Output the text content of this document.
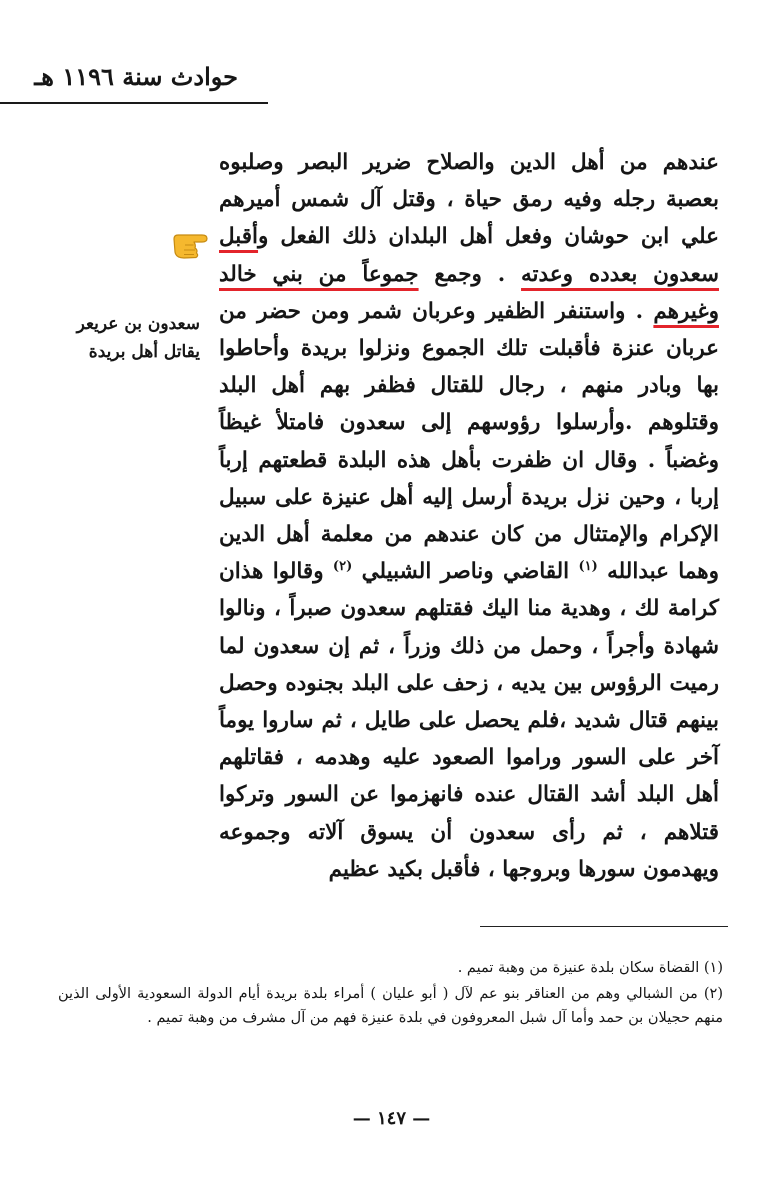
حوادث سنة ١١٩٦ هـ

عندهم من أهل الدين والصلاح ضرير البصر وصلبوه بعصبة رجله وفيه رمق حياة ، وقتل آل شمس أميرهم علي ابن حوشان وفعل أهل البلدان ذلك الفعل وأقبل سعدون بعدده وعدته . وجمع جموعاً من بني خالد وغيرهم . واستنفر الظفير وعربان شمر ومن حضر من عربان عنزة فأقبلت تلك الجموع ونزلوا بريدة وأحاطوا بها وبادر منهم ، رجال للقتال فظفر بهم أهل البلد وقتلوهم .وأرسلوا رؤوسهم إلى سعدون فامتلأ غيظاً وغضباً . وقال ان ظفرت بأهل هذه البلدة قطعتهم إرباً إربا ، وحين نزل بريدة أرسل إليه أهل عنيزة على سبيل الإكرام والإمتثال من كان عندهم من معلمة أهل الدين وهما عبدالله $^{(١)}$ القاضي وناصر الشبيلي $^{(٢)}$ وقالوا هذان كرامة لك ، وهدية منا اليك فقتلهم سعدون صبراً ، ونالوا شهادة وأجراً ، وحمل من ذلك وزراً ، ثم إن سعدون لما رميت الرؤوس بين يديه ، زحف على البلد بجنوده وحصل بينهم قتال شديد ،فلم يحصل على طايل ، ثم ساروا يوماً آخر على السور وراموا الصعود عليه وهدمه ، فقاتلهم أهل البلد أشد القتال عنده فانهزموا عن السور وتركوا قتلاهم ، ثم رأى سعدون أن يسوق آلاته وجموعه ويهدمون سورها وبروجها ، فأقبل بكيد عظيم

سعدون بن عريعر
يقاتل أهل بريدة

(١) القضاة سكان بلدة عنيزة من وهبة تميم .

(٢) من الشبالي وهم من العناقر بنو عم لآل ( أبو عليان ) أمراء بلدة بريدة أيام الدولة السعودية الأولى الذين منهم حجيلان بن حمد وأما آل شبل المعروفون في بلدة عنيزة فهم من آل مشرف من وهبة تميم .

— ١٤٧ —
